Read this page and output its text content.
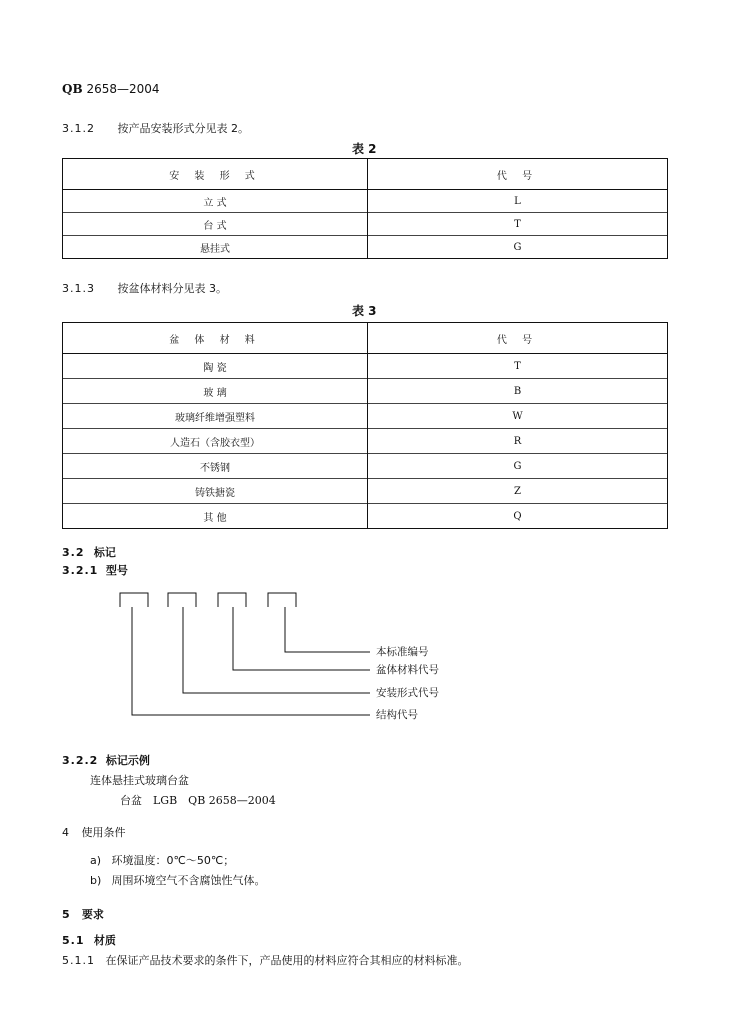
QB 2658—2004
3.1.2 按产品安装形式分见表 2。
表 2
安 装 形 式	代 号
立 式	L
台 式	T
悬挂式	G
3.1.3 按盆体材料分见表 3。
表 3
盆 体 材 料	代 号
陶 瓷	T
玻 璃	B
玻璃纤维增强塑料	W
人造石（含胶衣型）	R
不锈钢	G
铸铁搪瓷	Z
其 他	Q
3.2 标记
3.2.1 型号
本标准编号
盆体材料代号
安装形式代号
结构代号
3.2.2 标记示例
连体悬挂式玻璃台盆
台盆　LGB　QB 2658—2004
4 使用条件
a) 环境温度：0℃～50℃；
b) 周围环境空气不含腐蚀性气体。
5 要求
5.1 材质
5.1.1 在保证产品技术要求的条件下，产品使用的材料应符合其相应的材料标准。
